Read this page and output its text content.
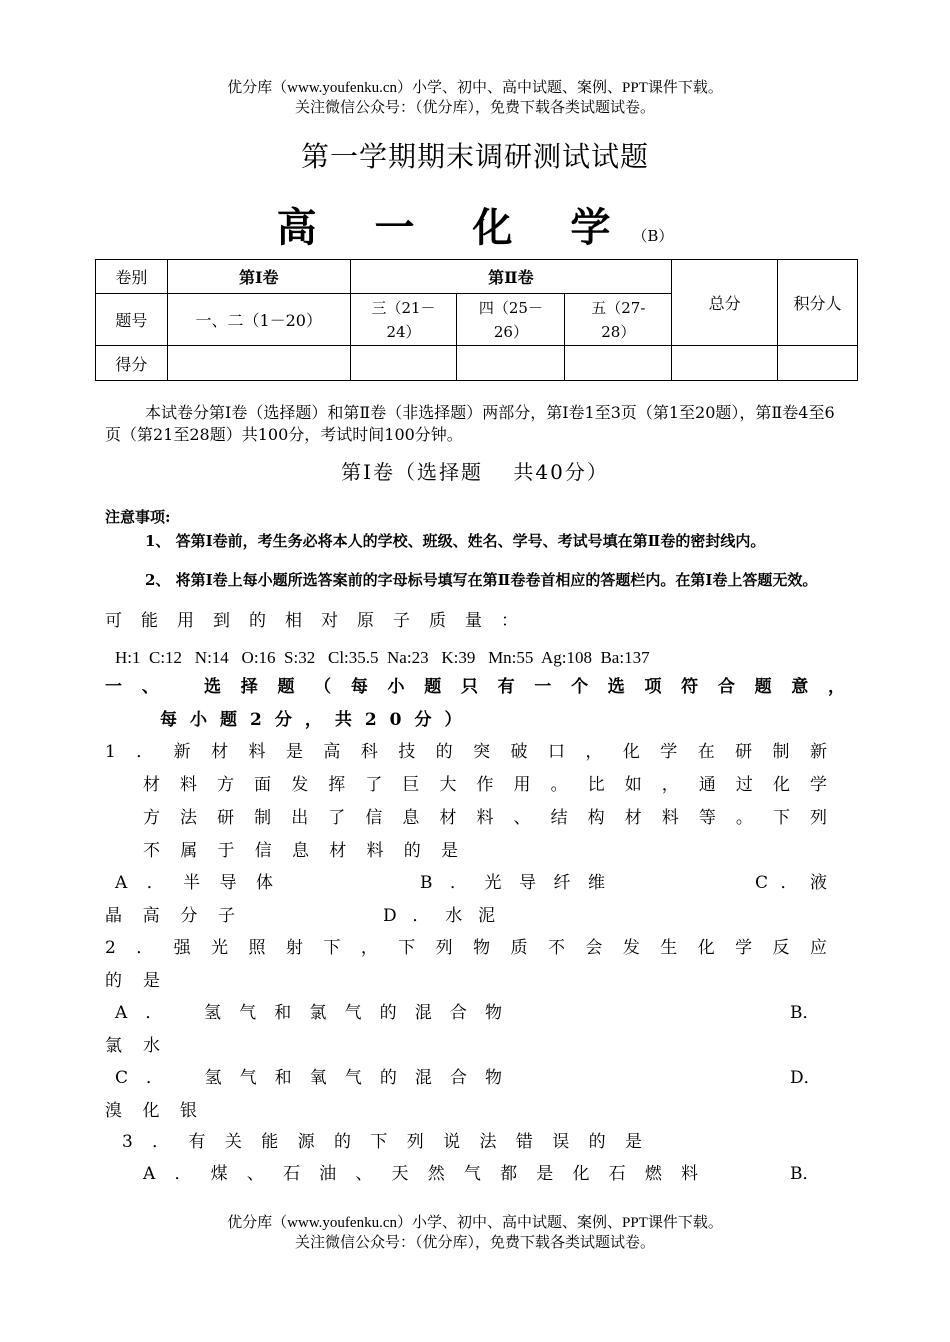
优分库（www.youfenku.cn）小学、初中、高中试题、案例、PPT课件下载。
关注微信公众号：（优分库），免费下载各类试题试卷。
第一学期期末调研测试试题
高 一 化 学（B）
卷别	第Ⅰ卷	第Ⅱ卷			总分	积分人
题号	一、二（1－20）	三（21－24）	四（25－26）	五（27-28）		
得分						
本试卷分第Ⅰ卷（选择题）和第Ⅱ卷（非选择题）两部分，第Ⅰ卷1至3页（第1至20题），第Ⅱ卷4至6页（第21至28题）共100分，考试时间100分钟。
第Ⅰ卷（选择题　 共40分）
注意事项:
1、 答第Ⅰ卷前，考生务必将本人的学校、班级、姓名、学号、考试号填在第Ⅱ卷的密封线内。
2、 将第Ⅰ卷上每小题所选答案前的字母标号填写在第Ⅱ卷卷首相应的答题栏内。在第Ⅰ卷上答题无效。
可能用到的相对原子质量：
H:1  C:12   N:14   O:16  S:32   Cl:35.5  Na:23   K:39   Mn:55  Ag:108  Ba:137
一、 选择题（每小题只有一个选项符合题意，
每小题2分，共20分）
1．新材料是高科技的突破口，化学在研制新
材料方面发挥了巨大作用。比如，通过化学
方法研制出了信息材料、结构材料等。下列
不属于信息材料的是
A．半导体	B．光导纤维	C．液
晶高分子	D．水泥
2．强光照射下，下列物质不会发生化学反应
的是
A． 氢气和氯气的混合物	B．
氯水
C． 氢气和氧气的混合物	D．
溴化银
3．有关能源的下列说法错误的是
A．煤、石油、天然气都是化石燃料	B．
优分库（www.youfenku.cn）小学、初中、高中试题、案例、PPT课件下载。
关注微信公众号：（优分库），免费下载各类试题试卷。
